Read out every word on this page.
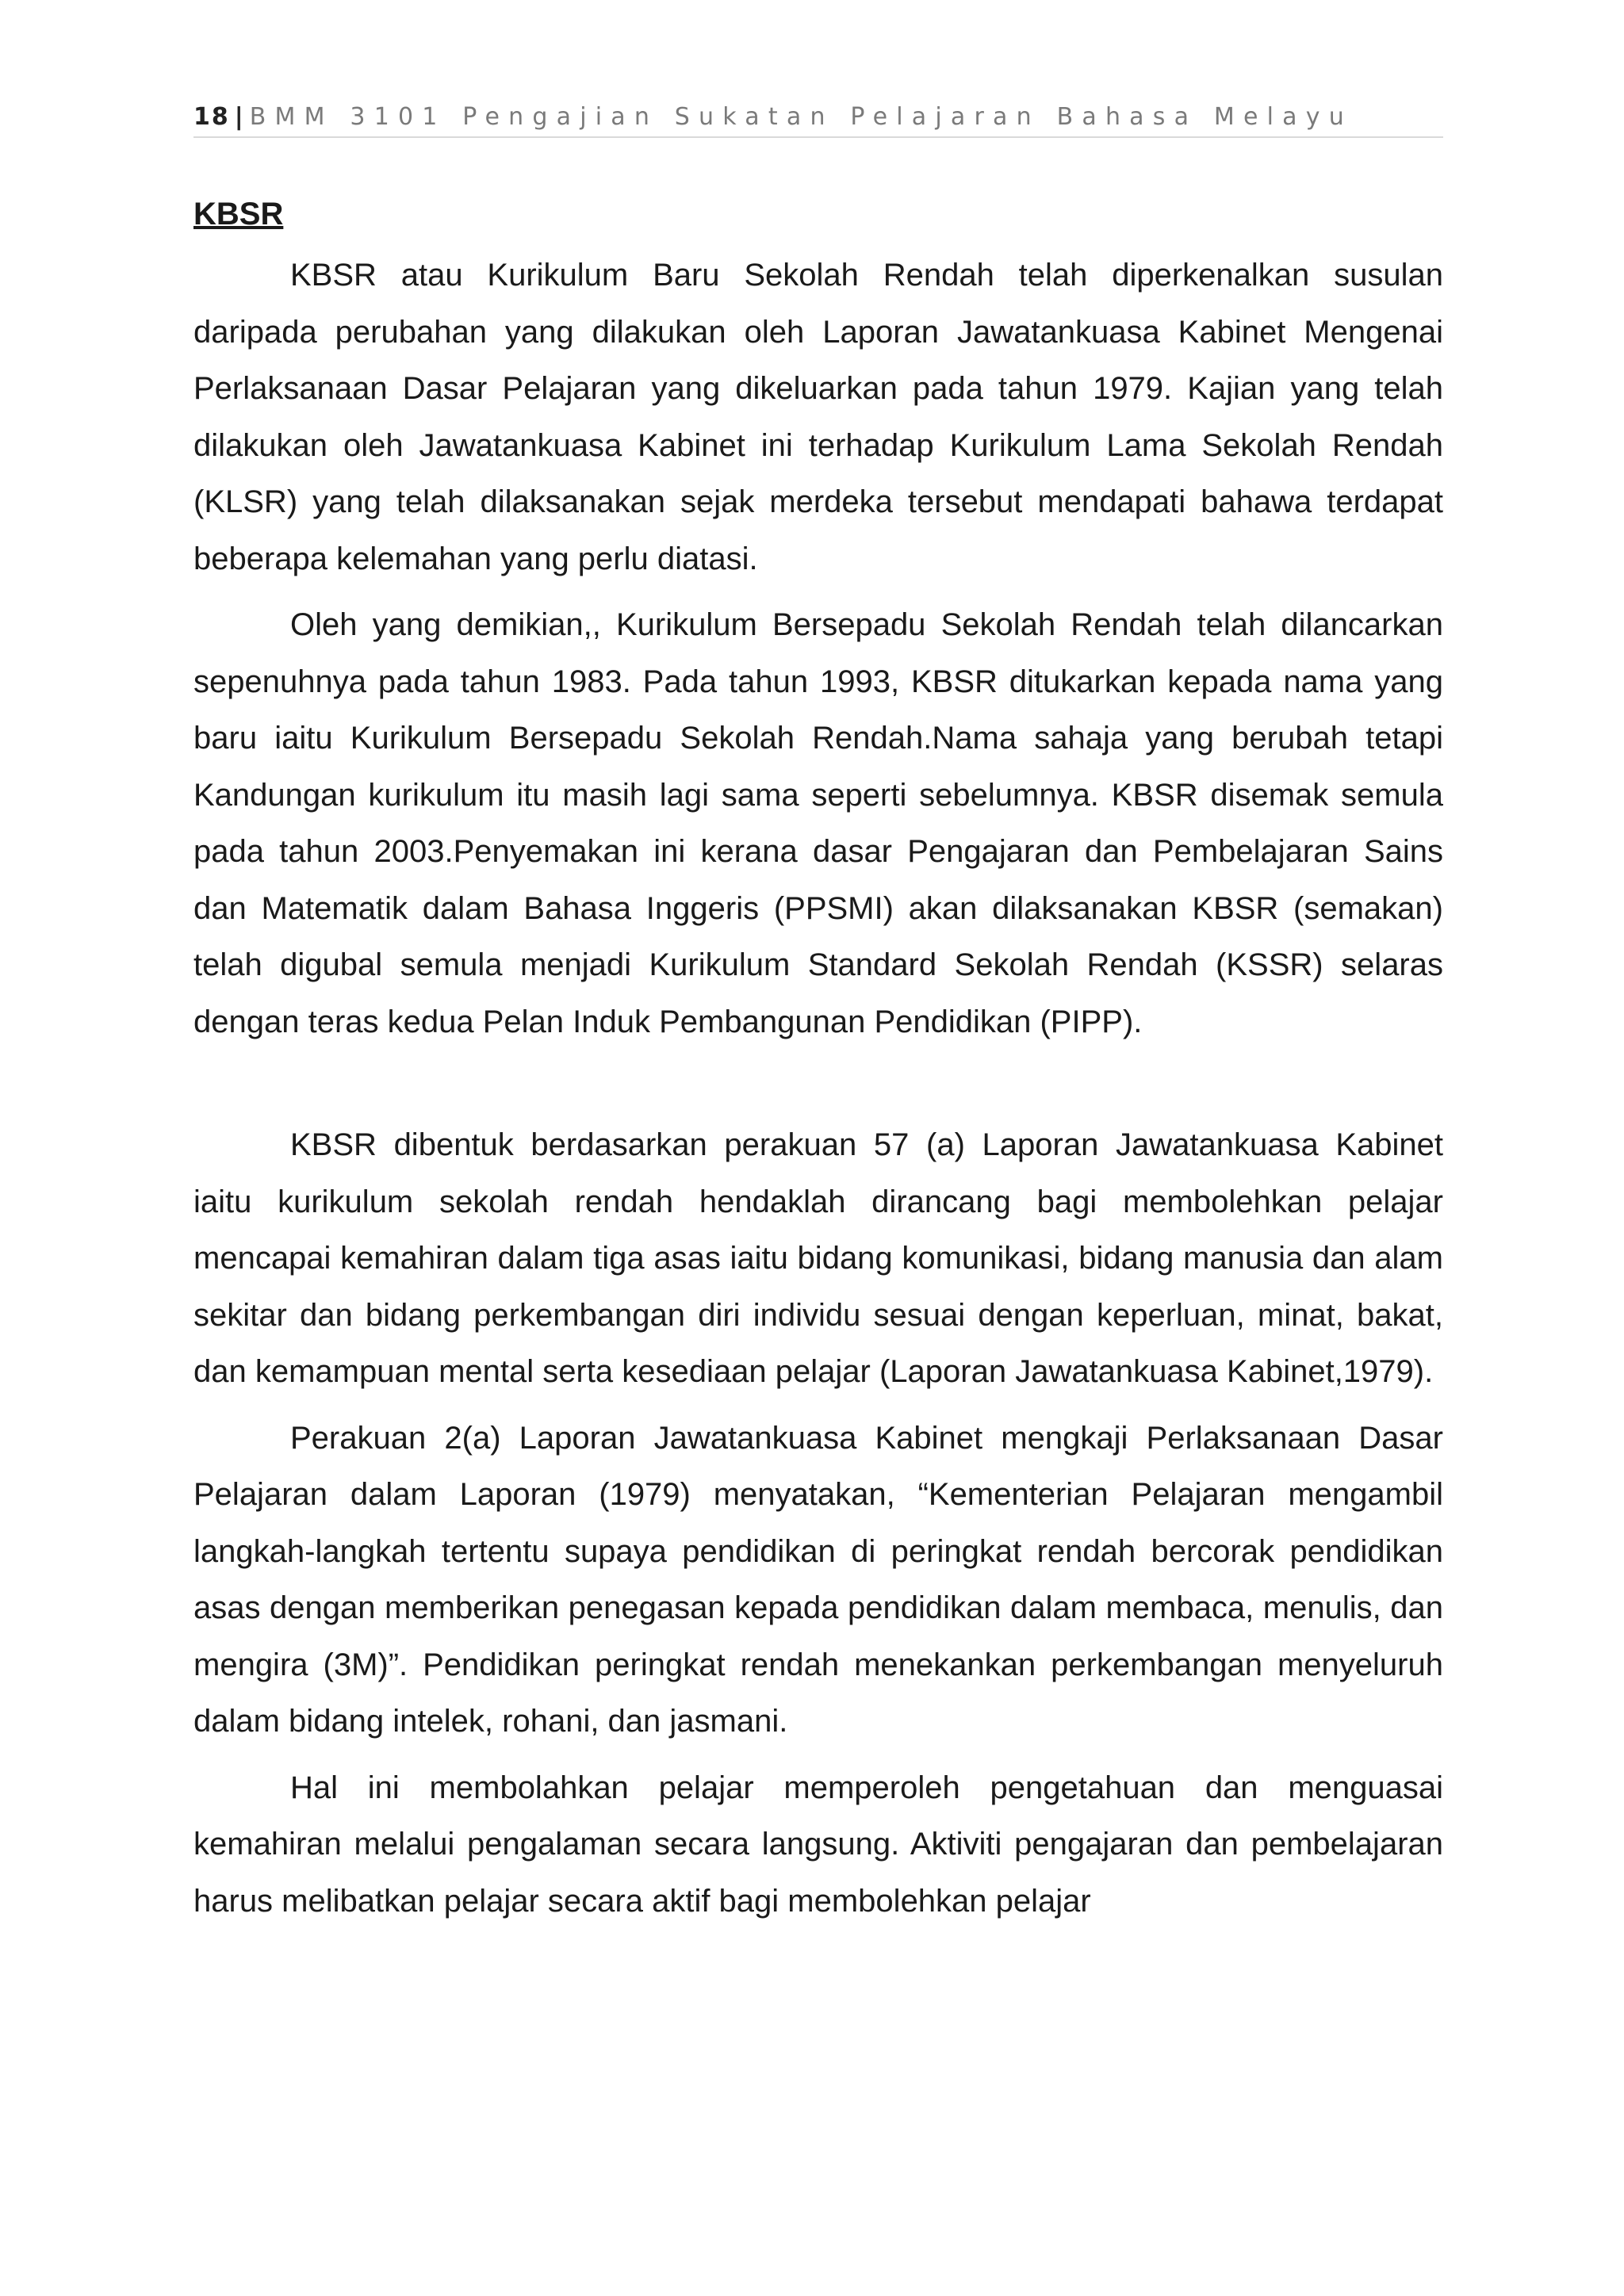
18 | BMM 3101 Pengajian Sukatan Pelajaran Bahasa Melayu
KBSR

KBSR atau Kurikulum Baru Sekolah Rendah telah diperkenalkan susulan daripada perubahan yang dilakukan oleh Laporan Jawatankuasa Kabinet Mengenai Perlaksanaan Dasar Pelajaran yang dikeluarkan pada tahun 1979. Kajian yang telah dilakukan oleh Jawatankuasa Kabinet ini terhadap Kurikulum Lama Sekolah Rendah (KLSR) yang telah dilaksanakan sejak merdeka tersebut mendapati bahawa terdapat beberapa kelemahan yang perlu diatasi.

Oleh yang demikian,, Kurikulum Bersepadu Sekolah Rendah telah dilancarkan sepenuhnya pada tahun 1983. Pada tahun 1993, KBSR ditukarkan kepada nama yang baru iaitu Kurikulum Bersepadu Sekolah Rendah.Nama sahaja yang berubah tetapi Kandungan kurikulum itu masih lagi sama seperti sebelumnya. KBSR disemak semula pada tahun 2003.Penyemakan ini kerana dasar Pengajaran dan Pembelajaran Sains dan Matematik dalam Bahasa Inggeris (PPSMI) akan dilaksanakan KBSR (semakan) telah digubal semula menjadi Kurikulum Standard Sekolah Rendah (KSSR) selaras dengan teras kedua Pelan Induk Pembangunan Pendidikan (PIPP).

KBSR dibentuk berdasarkan perakuan 57 (a) Laporan Jawatankuasa Kabinet iaitu kurikulum sekolah rendah hendaklah dirancang bagi membolehkan pelajar mencapai kemahiran dalam tiga asas iaitu bidang komunikasi, bidang manusia dan alam sekitar dan bidang perkembangan diri individu sesuai dengan keperluan, minat, bakat, dan kemampuan mental serta kesediaan pelajar (Laporan Jawatankuasa Kabinet,1979).

Perakuan 2(a) Laporan Jawatankuasa Kabinet mengkaji Perlaksanaan Dasar Pelajaran dalam Laporan (1979) menyatakan, “Kementerian Pelajaran mengambil langkah-langkah tertentu supaya pendidikan di peringkat rendah bercorak pendidikan asas dengan memberikan penegasan kepada pendidikan dalam membaca, menulis, dan mengira (3M)”. Pendidikan peringkat rendah menekankan perkembangan menyeluruh dalam bidang intelek, rohani, dan jasmani.

Hal ini membolahkan pelajar memperoleh pengetahuan dan menguasai kemahiran melalui pengalaman secara langsung. Aktiviti pengajaran dan pembelajaran harus melibatkan pelajar secara aktif bagi membolehkan pelajar
